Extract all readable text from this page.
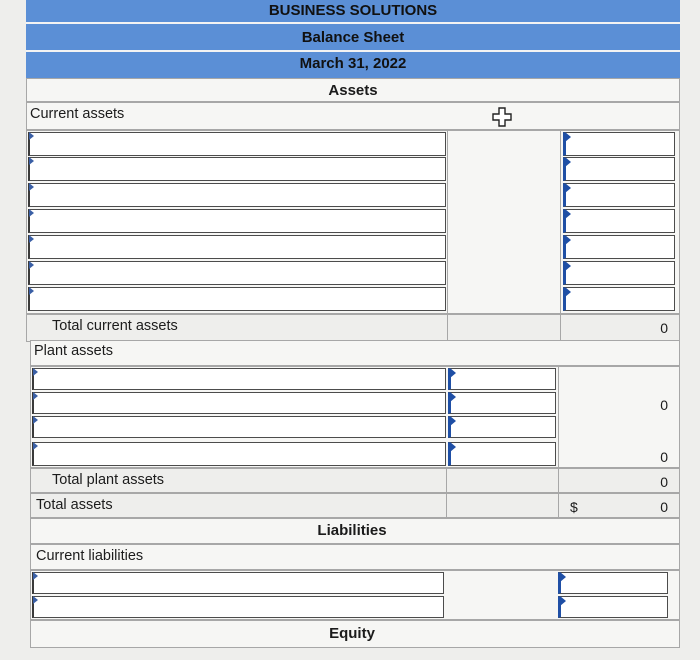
BUSINESS SOLUTIONS
Balance Sheet
March 31, 2022
Assets
Current assets
Total current assets	0
Plant assets
0
0
Total plant assets	0
Total assets	$	0
Liabilities
Current liabilities
Equity
